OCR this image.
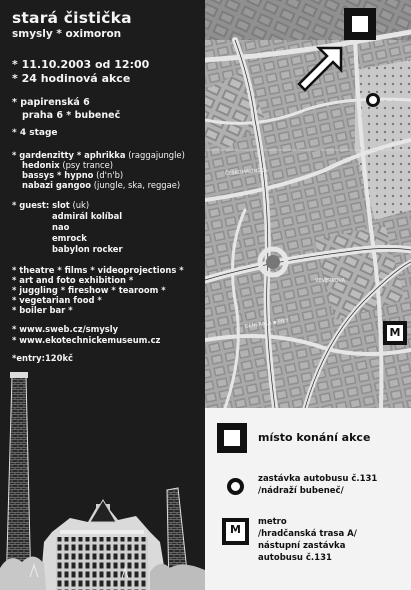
stará čistička
smysly * oximoron
* 11.10.2003 od 12:00
* 24 hodinová akce
* papirenská 6
praha 6 * bubeneč
* 4 stage
* gardenzitty * aphrikka (raggajungle)
hedonix (psy trance)
bassys * hypno (d'n'b)
nabazi gangoo (jungle, ska, reggae)
* guest: slot (uk)
admirál kolíbal
nao
emrock
babylon rocker
* theatre * films * videoprojections *
* art and foto exhibition *
* juggling * fireshow * tearoom *
* vegetarian food *
* boiler bar *
* www.sweb.cz/smysly
* www.ekotechnickemuseum.cz
*entry:120kč
GENERALA ▪ PIKY
VEVERKOVA
ČESKOMALÍNSKÁ
M
místo konání akce
zastávka autobusu č.131
/nádraží bubeneč/
M
metro
/hradčanská trasa A/
nástupní zastávka
autobusu č.131
